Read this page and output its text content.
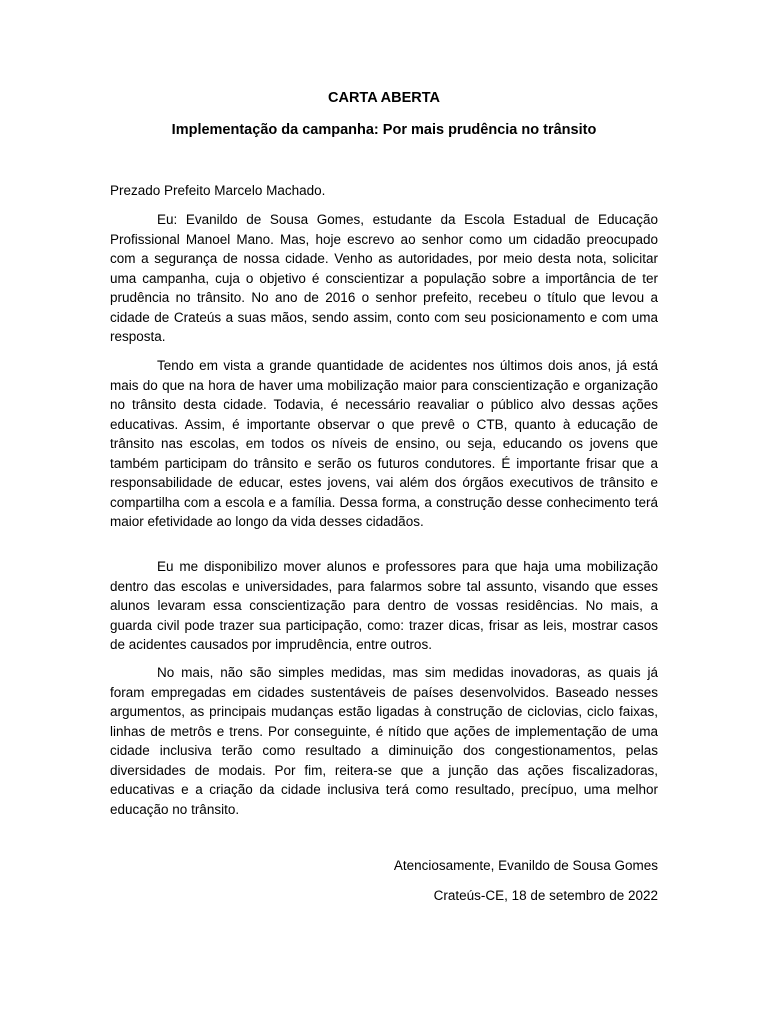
CARTA ABERTA
Implementação da campanha: Por mais prudência no trânsito
Prezado Prefeito Marcelo Machado.

Eu: Evanildo de Sousa Gomes, estudante da Escola Estadual de Educação Profissional Manoel Mano. Mas, hoje escrevo ao senhor como um cidadão preocupado com a segurança de nossa cidade. Venho as autoridades, por meio desta nota, solicitar uma campanha, cuja o objetivo é conscientizar a população sobre a importância de ter prudência no trânsito. No ano de 2016 o senhor prefeito, recebeu o título que levou a cidade de Crateús a suas mãos, sendo assim, conto com seu posicionamento e com uma resposta.

Tendo em vista a grande quantidade de acidentes nos últimos dois anos, já está mais do que na hora de haver uma mobilização maior para conscientização e organização no trânsito desta cidade. Todavia, é necessário reavaliar o público alvo dessas ações educativas. Assim, é importante observar o que prevê o CTB, quanto à educação de trânsito nas escolas, em todos os níveis de ensino, ou seja, educando os jovens que também participam do trânsito e serão os futuros condutores. É importante frisar que a responsabilidade de educar, estes jovens, vai além dos órgãos executivos de trânsito e compartilha com a escola e a família. Dessa forma, a construção desse conhecimento terá maior efetividade ao longo da vida desses cidadãos.

Eu me disponibilizo mover alunos e professores para que haja uma mobilização dentro das escolas e universidades, para falarmos sobre tal assunto, visando que esses alunos levaram essa conscientização para dentro de vossas residências. No mais, a guarda civil pode trazer sua participação, como: trazer dicas, frisar as leis, mostrar casos de acidentes causados por imprudência, entre outros.

No mais, não são simples medidas, mas sim medidas inovadoras, as quais já foram empregadas em cidades sustentáveis de países desenvolvidos. Baseado nesses argumentos, as principais mudanças estão ligadas à construção de ciclovias, ciclo faixas, linhas de metrôs e trens. Por conseguinte, é nítido que ações de implementação de uma cidade inclusiva terão como resultado a diminuição dos congestionamentos, pelas diversidades de modais. Por fim, reitera-se que a junção das ações fiscalizadoras, educativas e a criação da cidade inclusiva terá como resultado, precípuo, uma melhor educação no trânsito.

Atenciosamente, Evanildo de Sousa Gomes
Crateús-CE, 18 de setembro de 2022
